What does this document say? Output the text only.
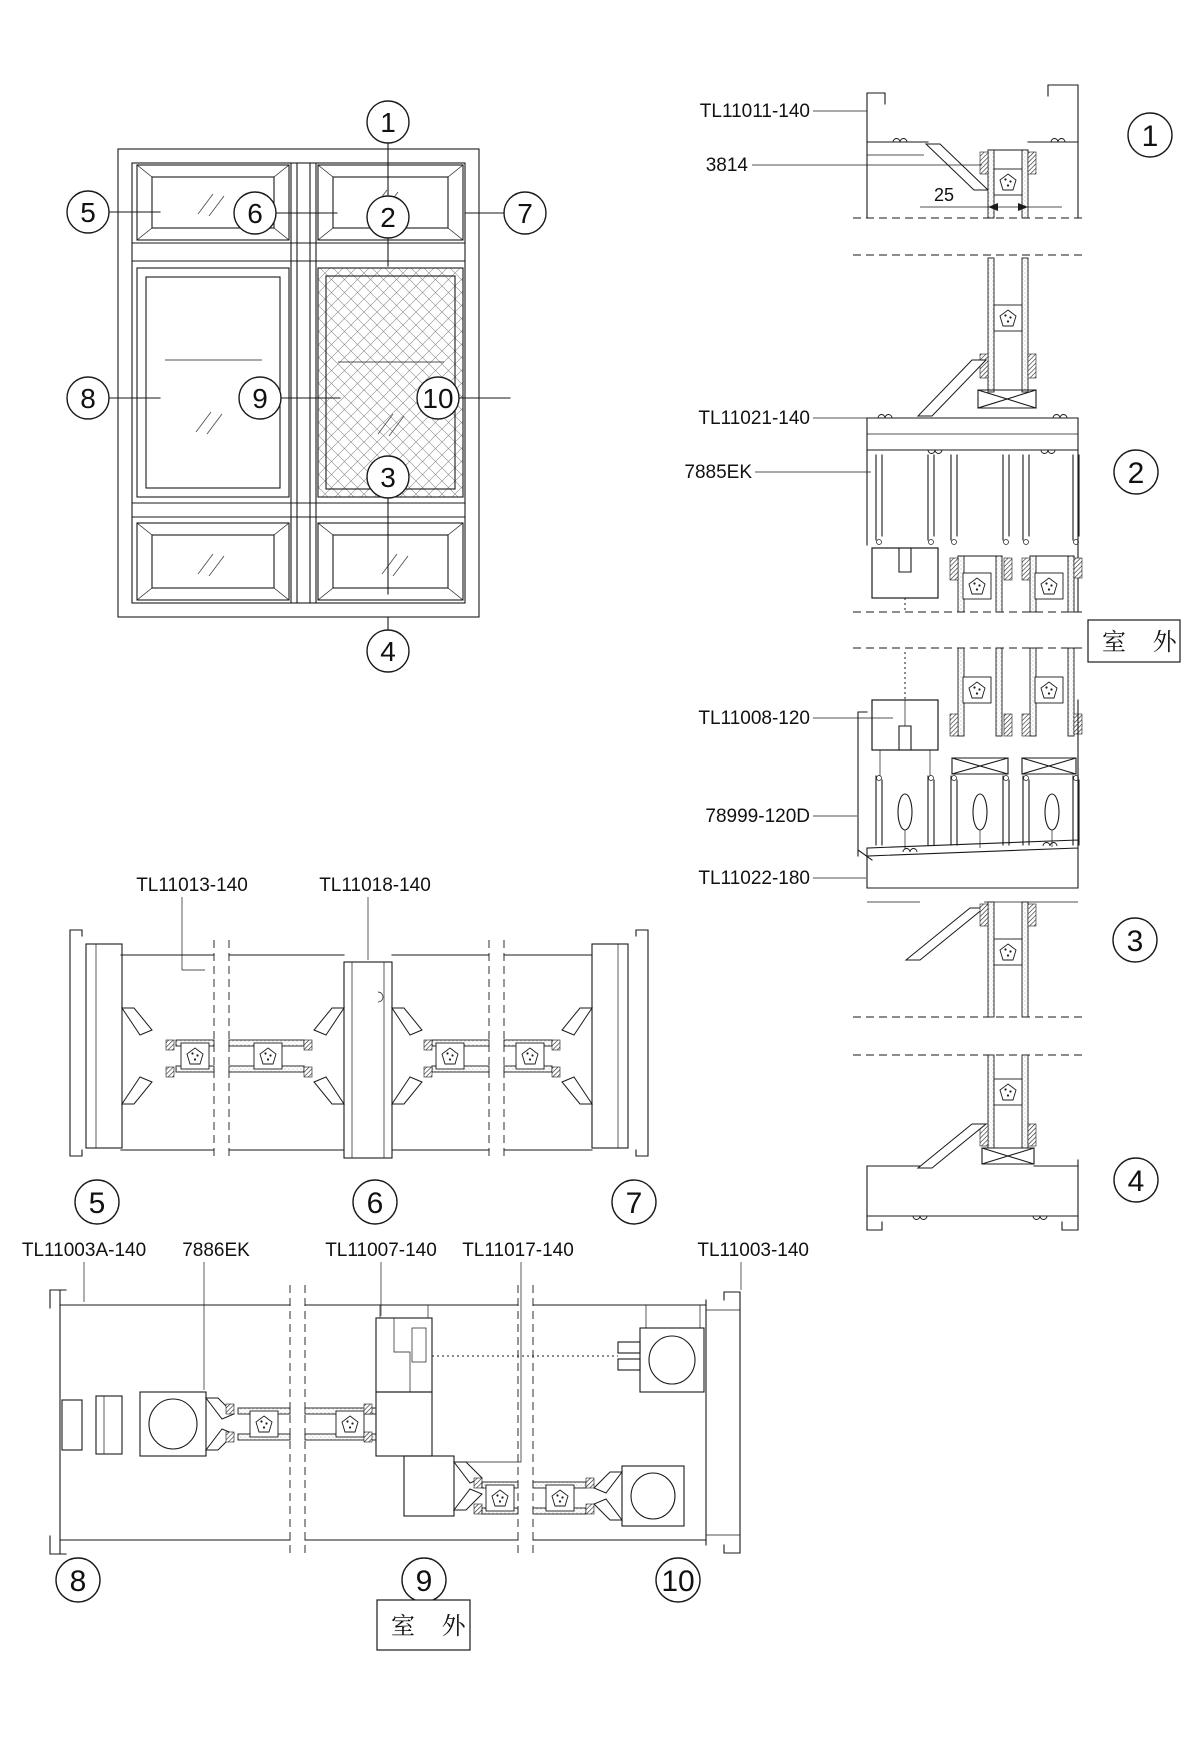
1
2
3
4
5	6	7
8	9	10
25
TL11011-140
3814
1
TL11021-140
7885EK	2
室 外
TL11008-120
78999-120D
TL11022-180
3
4
TL11013-140	TL11018-140
5	6	7
TL11003A-140 7886EK	TL11007-140 TL11017-140	TL11003-140
8	9	10
室 外
